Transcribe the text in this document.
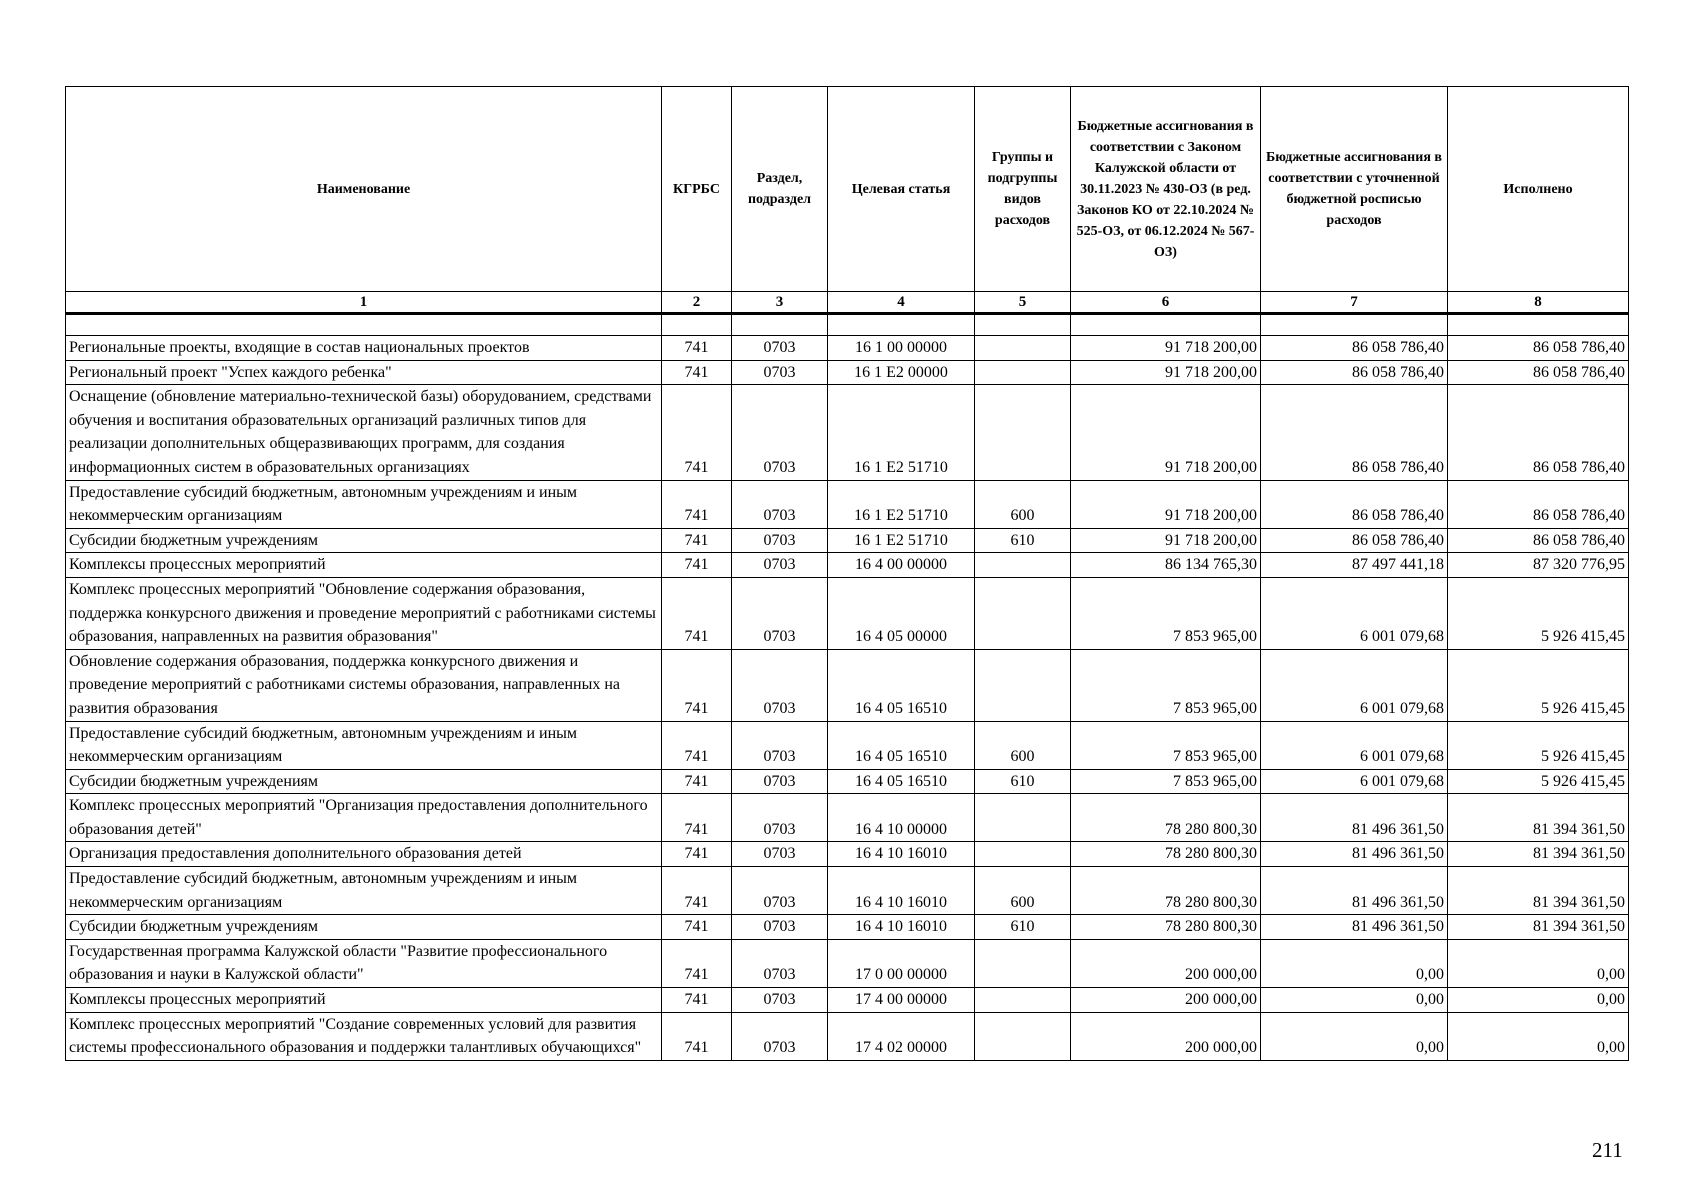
Наименование	КГРБС	Раздел, подраздел	Целевая статья	Группы и подгруппы видов расходов	Бюджетные ассигнования в соответствии с Законом Калужской области от 30.11.2023 № 430-ОЗ (в ред. Законов КО от 22.10.2024 № 525-ОЗ, от 06.12.2024 № 567-ОЗ)	Бюджетные ассигнования в соответствии с уточненной бюджетной росписью расходов	Исполнено
1	2	3	4	5	6	7	8

Региональные проекты, входящие в состав национальных проектов	741	0703	16 1 00 00000		91 718 200,00	86 058 786,40	86 058 786,40
Региональный проект "Успех каждого ребенка"	741	0703	16 1 Е2 00000		91 718 200,00	86 058 786,40	86 058 786,40
Оснащение (обновление материально-технической базы) оборудованием, средствами обучения и воспитания образовательных организаций различных типов для реализации дополнительных общеразвивающих программ, для создания информационных систем в образовательных организациях	741	0703	16 1 Е2 51710		91 718 200,00	86 058 786,40	86 058 786,40
Предоставление субсидий бюджетным, автономным учреждениям и иным некоммерческим организациям	741	0703	16 1 Е2 51710	600	91 718 200,00	86 058 786,40	86 058 786,40
Субсидии бюджетным учреждениям	741	0703	16 1 Е2 51710	610	91 718 200,00	86 058 786,40	86 058 786,40
Комплексы процессных мероприятий	741	0703	16 4 00 00000		86 134 765,30	87 497 441,18	87 320 776,95
Комплекс процессных мероприятий "Обновление содержания образования, поддержка конкурсного движения и проведение мероприятий с работниками системы образования, направленных на развития образования"	741	0703	16 4 05 00000		7 853 965,00	6 001 079,68	5 926 415,45
Обновление содержания образования, поддержка конкурсного движения и проведение мероприятий с работниками системы образования, направленных на развития образования	741	0703	16 4 05 16510		7 853 965,00	6 001 079,68	5 926 415,45
Предоставление субсидий бюджетным, автономным учреждениям и иным некоммерческим организациям	741	0703	16 4 05 16510	600	7 853 965,00	6 001 079,68	5 926 415,45
Субсидии бюджетным учреждениям	741	0703	16 4 05 16510	610	7 853 965,00	6 001 079,68	5 926 415,45
Комплекс процессных мероприятий "Организация предоставления дополнительного образования детей"	741	0703	16 4 10 00000		78 280 800,30	81 496 361,50	81 394 361,50
Организация предоставления дополнительного образования детей	741	0703	16 4 10 16010		78 280 800,30	81 496 361,50	81 394 361,50
Предоставление субсидий бюджетным, автономным учреждениям и иным некоммерческим организациям	741	0703	16 4 10 16010	600	78 280 800,30	81 496 361,50	81 394 361,50
Субсидии бюджетным учреждениям	741	0703	16 4 10 16010	610	78 280 800,30	81 496 361,50	81 394 361,50
Государственная программа Калужской области "Развитие профессионального образования и науки в Калужской области"	741	0703	17 0 00 00000		200 000,00	0,00	0,00
Комплексы процессных мероприятий	741	0703	17 4 00 00000		200 000,00	0,00	0,00
Комплекс процессных мероприятий "Создание современных условий для развития системы профессионального образования и поддержки талантливых обучающихся"	741	0703	17 4 02 00000		200 000,00	0,00	0,00
211
